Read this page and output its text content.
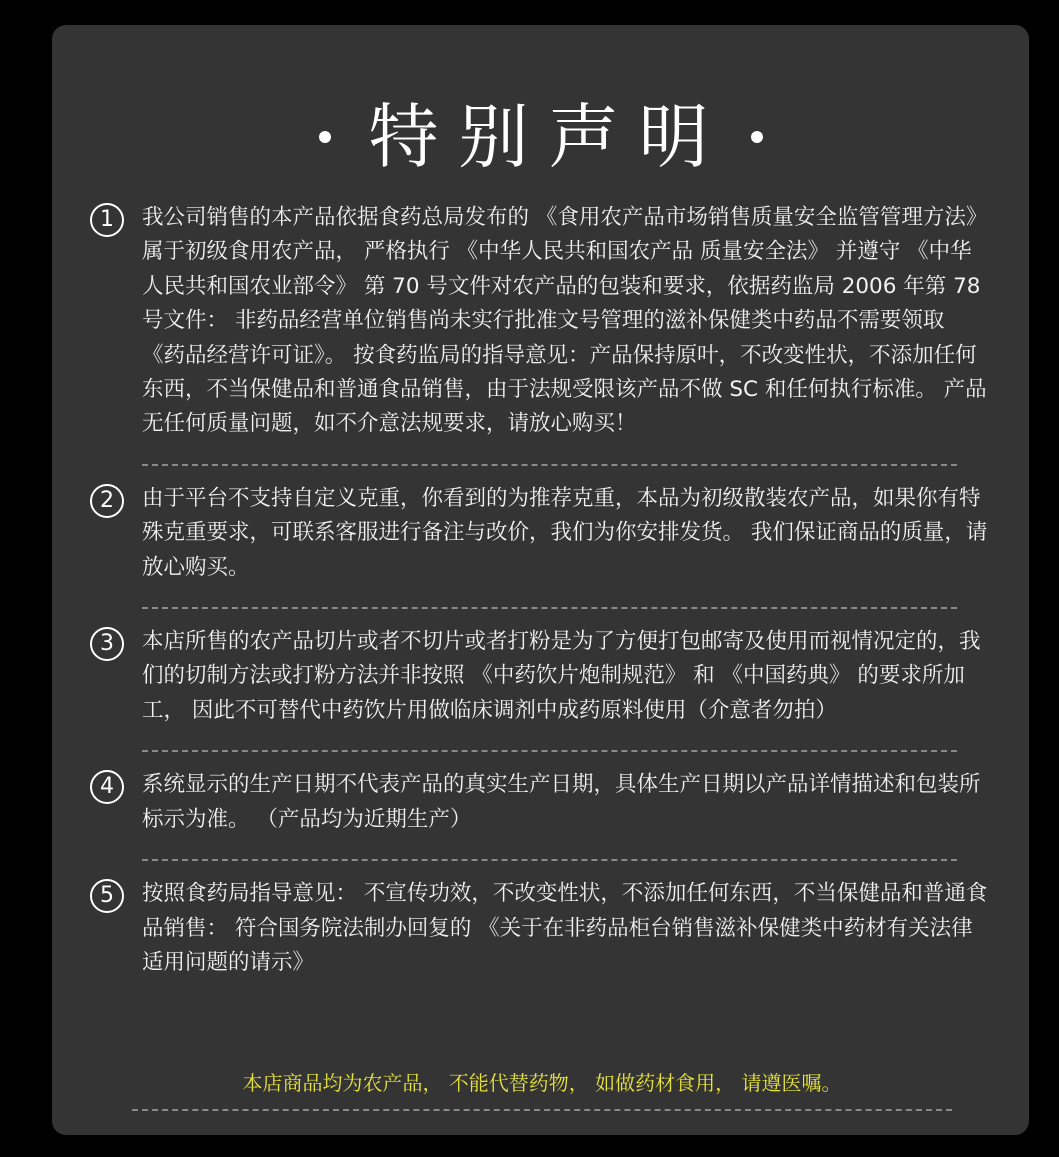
特别声明
1	我公司销售的本产品依据食药总局发布的 《食用农产品市场销售质量安全监管管理方法》 属于初级食用农产品， 严格执行 《中华人民共和国农产品 质量安全法》 并遵守 《中华人民共和国农业部令》 第 70 号文件对农产品的包装和要求，依据药监局 2006 年第 78 号文件： 非药品经营单位销售尚未实行批准文号管理的滋补保健类中药品不需要领取 《药品经营许可证》。 按食药监局的指导意见：产品保持原叶，不改变性状，不添加任何东西，不当保健品和普通食品销售，由于法规受限该产品不做 SC 和任何执行标准。 产品无任何质量问题，如不介意法规要求，请放心购买！
2	由于平台不支持自定义克重，你看到的为推荐克重，本品为初级散装农产品，如果你有特殊克重要求，可联系客服进行备注与改价，我们为你安排发货。 我们保证商品的质量，请放心购买。
3	本店所售的农产品切片或者不切片或者打粉是为了方便打包邮寄及使用而视情况定的，我们的切制方法或打粉方法并非按照 《中药饮片炮制规范》 和 《中国药典》 的要求所加工， 因此不可替代中药饮片用做临床调剂中成药原料使用（介意者勿拍）
4	系统显示的生产日期不代表产品的真实生产日期，具体生产日期以产品详情描述和包装所标示为准。 （产品均为近期生产）
5	按照食药局指导意见： 不宣传功效，不改变性状，不添加任何东西，不当保健品和普通食品销售： 符合国务院法制办回复的 《关于在非药品柜台销售滋补保健类中药材有关法律适用问题的请示》
本店商品均为农产品， 不能代替药物， 如做药材食用， 请遵医嘱。
